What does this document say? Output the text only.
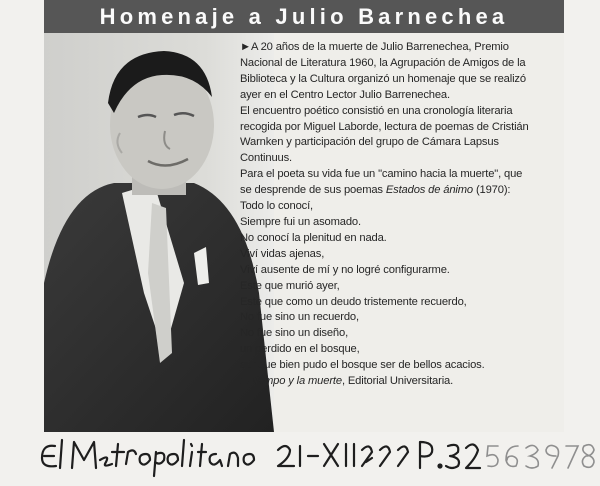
Homenaje a Julio Barnechea
►A 20 años de la muerte de Julio Barrenechea, Premio
Nacional de Literatura 1960, la Agrupación de Amigos de la
Biblioteca y la Cultura organizó un homenaje que se realizó
ayer en el Centro Lector Julio Barrenechea.
El encuentro poético consistió en una cronología literaria
recogida por Miguel Laborde, lectura de poemas de Cristián
Warnken y participación del grupo de Cámara Lapsus
Continuus.
Para el poeta su vida fue un "camino hacia la muerte", que
se desprende de sus poemas Estados de ánimo (1970):
Todo lo conocí,
Siempre fui un asomado.
No conocí la plenitud en nada.
Viví vidas ajenas,
Viví ausente de mí y no logré configurarme.
Este que murió ayer,
Este que como un deudo tristemente recuerdo,
No fue sino un recuerdo,
No fue sino un diseño,
un perdido en el bosque,
aunque bien pudo el bosque ser de bellos acacios.
El tiempo y la muerte, Editorial Universitaria.
